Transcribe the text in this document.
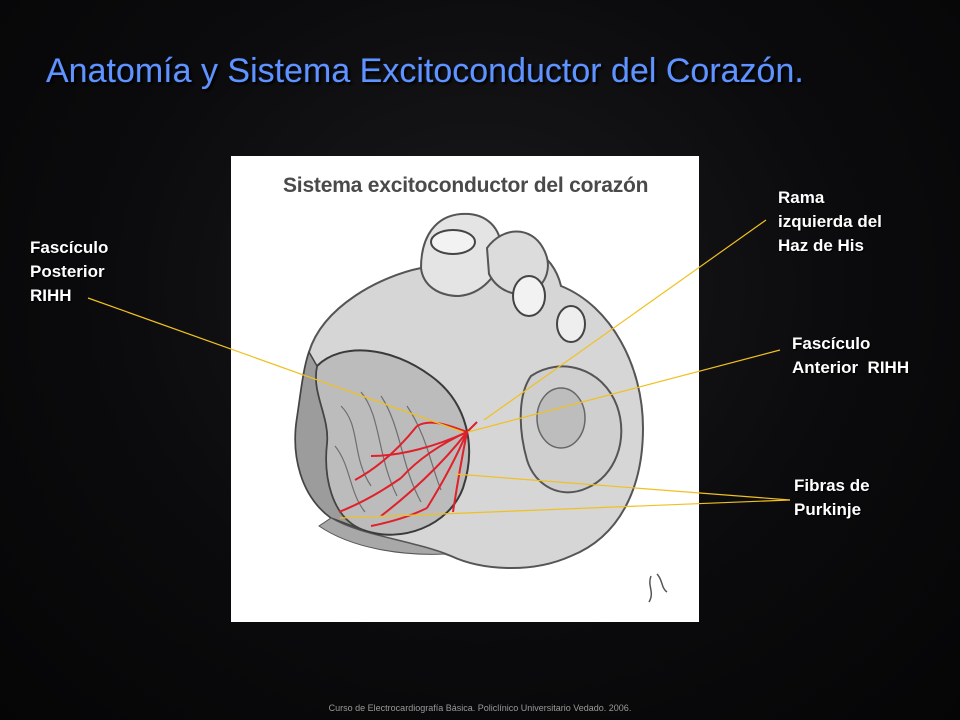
Anatomía y Sistema Excitoconductor del Corazón.
Sistema excitoconductor del corazón
Fascículo
Posterior
RIHH
Rama
izquierda del
Haz de His
Fascículo
Anterior  RIHH
Fibras de
Purkinje
Curso de Electrocardiografía Básica. Policlínico Universitario Vedado. 2006.
